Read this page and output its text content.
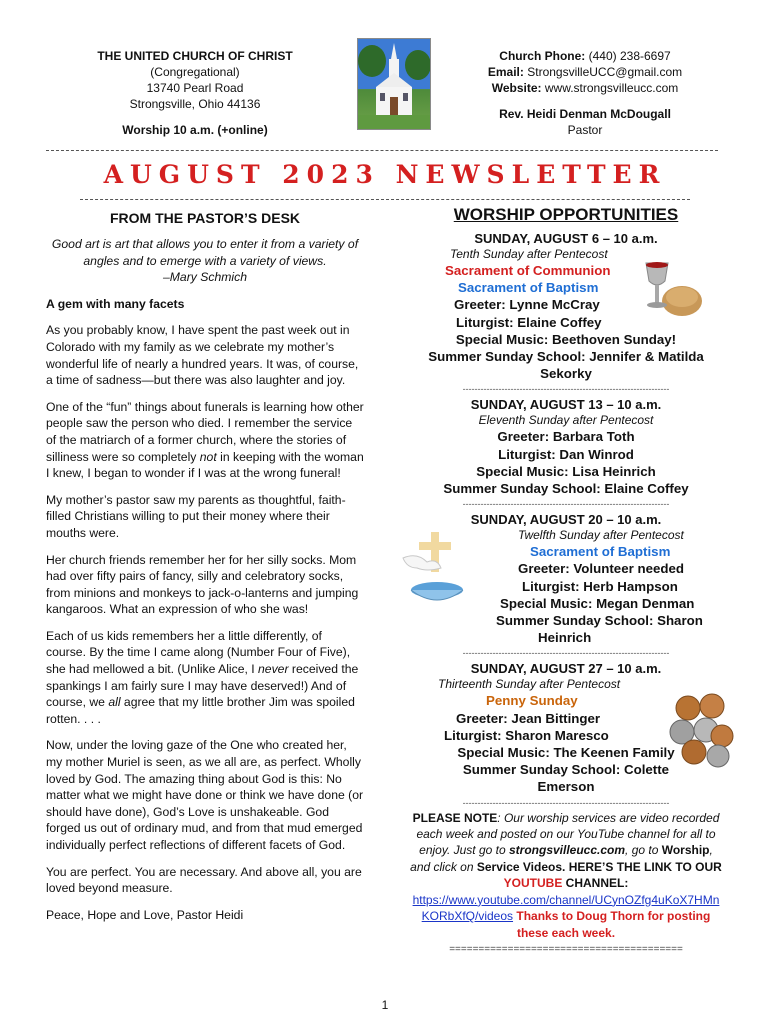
THE UNITED CHURCH OF CHRIST
(Congregational)
13740 Pearl Road
Strongsville, Ohio 44136
Worship 10 a.m. (+online)
Church Phone: (440) 238-6697
Email: StrongsvilleUCC@gmail.com
Website: www.strongsvilleucc.com
Rev. Heidi Denman McDougall
Pastor
AUGUST 2023 NEWSLETTER
FROM THE PASTOR’S DESK
Good art is art that allows you to enter it from a variety of
angles and to emerge with a variety of views.
–Mary Schmich

A gem with many facets

As you probably know, I have spent the past week out in Colorado with my family as we celebrate my mother’s wonderful life of nearly a hundred years. It was, of course, a time of sadness—but there was also laughter and joy.

One of the “fun” things about funerals is learning how other people saw the person who died. I remember the service of the matriarch of a former church, where the stories of silliness were so completely not in keeping with the woman I knew, I began to wonder if I was at the wrong funeral!

My mother’s pastor saw my parents as thoughtful, faith-filled Christians willing to put their money where their mouths were.

Her church friends remember her for her silly socks. Mom had over fifty pairs of fancy, silly and celebratory socks, from minions and monkeys to jack-o-lanterns and jumping kangaroos. What an expression of who she was!

Each of us kids remembers her a little differently, of course. By the time I came along (Number Four of Five), she had mellowed a bit. (Unlike Alice, I never received the spankings I am fairly sure I may have deserved!) And of course, we all agree that my little brother Jim was spoiled rotten. . . .

Now, under the loving gaze of the One who created her, my mother Muriel is seen, as we all are, as perfect. Wholly loved by God. The amazing thing about God is this: No matter what we might have done or think we have done (or should have done), God’s Love is unshakeable. God forged us out of ordinary mud, and from that mud emerged individually perfect reflections of different facets of God.

You are perfect. You are necessary. And above all, you are loved beyond measure.

Peace, Hope and Love, Pastor Heidi

WORSHIP OPPORTUNITIES
SUNDAY, AUGUST 6 – 10 a.m.
Tenth Sunday after Pentecost
Sacrament of Communion
Sacrament of Baptism
Greeter: Lynne McCray
Liturgist: Elaine Coffey
Special Music: Beethoven Sunday!
Summer Sunday School: Jennifer & Matilda
Sekorky
---------------------------------------------------------------------
SUNDAY, AUGUST 13 – 10 a.m.
Eleventh Sunday after Pentecost
Greeter: Barbara Toth
Liturgist: Dan Winrod
Special Music: Lisa Heinrich
Summer Sunday School: Elaine Coffey
---------------------------------------------------------------------
SUNDAY, AUGUST 20 – 10 a.m.
Twelfth Sunday after Pentecost
Sacrament of Baptism
Greeter: Volunteer needed
Liturgist: Herb Hampson
Special Music: Megan Denman
Summer Sunday School: Sharon
Heinrich
---------------------------------------------------------------------
SUNDAY, AUGUST 27 – 10 a.m.
Thirteenth Sunday after Pentecost
Penny Sunday
Greeter: Jean Bittinger
Liturgist: Sharon Maresco
Special Music: The Keenen Family
Summer Sunday School: Colette
Emerson
---------------------------------------------------------------------
PLEASE NOTE: Our worship services are video recorded each week and posted on our YouTube channel for all to enjoy. Just go to strongsvilleucc.com, go to Worship, and click on Service Videos. HERE’S THE LINK TO OUR YOUTUBE CHANNEL:
https://www.youtube.com/channel/UCynOZfg4uKoX7HMnKORbXfQ/videos Thanks to Doug Thorn for posting these each week.
========================================
1
